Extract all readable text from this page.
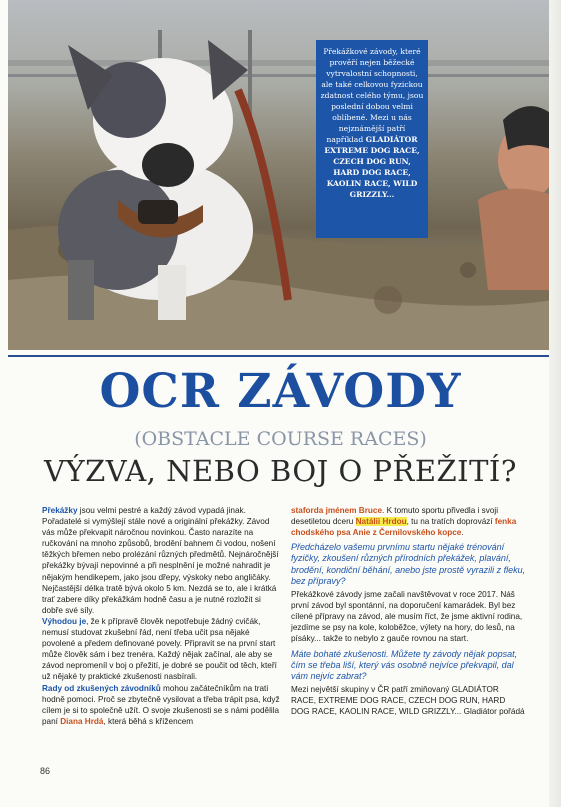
Překážkové závody, které prověří nejen běžecké vytrvalostní schopnosti, ale také celkovou fyzickou zdatnost celého týmu, jsou poslední dobou velmi oblíbené. Mezi u nás nejznámější patří například GLADIÁTOR EXTREME DOG RACE, CZECH DOG RUN, HARD DOG RACE, KAOLIN RACE, WILD GRIZZLY...
OCR ZÁVODY
(OBSTACLE COURSE RACES)
VÝZVA, NEBO BOJ O PŘEŽITÍ?

Překážky jsou velmi pestré a každý závod vypadá jinak. Pořadatelé si vymýšlejí stále nové a originální překážky. Závod vás může překvapit náročnou novinkou. Často narazíte na ručkování na mnoho způsobů, brodění bahnem či vodou, nošení těžkých břemen nebo prolézání různých předmětů. Nejnáročnější překážky bývají nepovinné a při nesplnění je možné nahradit je nějakým hendikepem, jako jsou dřepy, výskoky nebo angličáky. Nejčastější délka tratě bývá okolo 5 km. Nezdá se to, ale i krátká trať zabere díky překážkám hodně času a je nutné rozložit si dobře své síly.

Výhodou je, že k přípravě člověk nepotřebuje žádný cvičák, nemusí studovat zkušební řád, není třeba učit psa nějaké povolené a předem definované povely. Připravit se na první start může člověk sám i bez trenéra. Každý nějak začínal, ale aby se závod nepromeníl v boj o přežití, je dobré se poučit od těch, kteří už nějaké ty praktické zkušenosti nasbírali.

Rady od zkušených závodníků mohou začátečníkům na trati hodně pomoci. Proč se zbytečně vysilovat a třeba trápit psa, když cílem je si to společně užít. O svoje zkušenosti se s námi podělila paní Diana Hrdá, která běhá s křížencem

staforda jménem Bruce. K tomuto sportu přivedla i svoji desetiletou dceru Natálii Hrdou, tu na tratích doprovází fenka chodského psa Anie z Černilovského kopce.

Předcházelo vašemu prvnímu startu nějaké trénování fyzičky, zkoušení různých přírodních překážek, plavání, brodění, kondiční běhání, anebo jste prostě vyrazili z fleku, bez přípravy?

Překážkové závody jsme začali navštěvovat v roce 2017. Náš první závod byl spontánní, na doporučení kamarádek. Byl bez cílené přípravy na závod, ale musím říct, že jsme aktivní rodina, jezdíme se psy na kole, koloběžce, výlety na hory, do lesů, na písáky... takže to nebylo z gauče rovnou na start.

Máte bohaté zkušenosti. Můžete ty závody nějak popsat, čím se třeba liší, který vás osobně nejvíce překvapil, dal vám nejvíc zabrat?

Mezi největší skupiny v ČR patří zmiňovaný GLADIÁTOR RACE, EXTREME DOG RACE, CZECH DOG RUN, HARD DOG RACE, KAOLIN RACE, WILD GRIZZLY... Gladiátor pořádá

86
